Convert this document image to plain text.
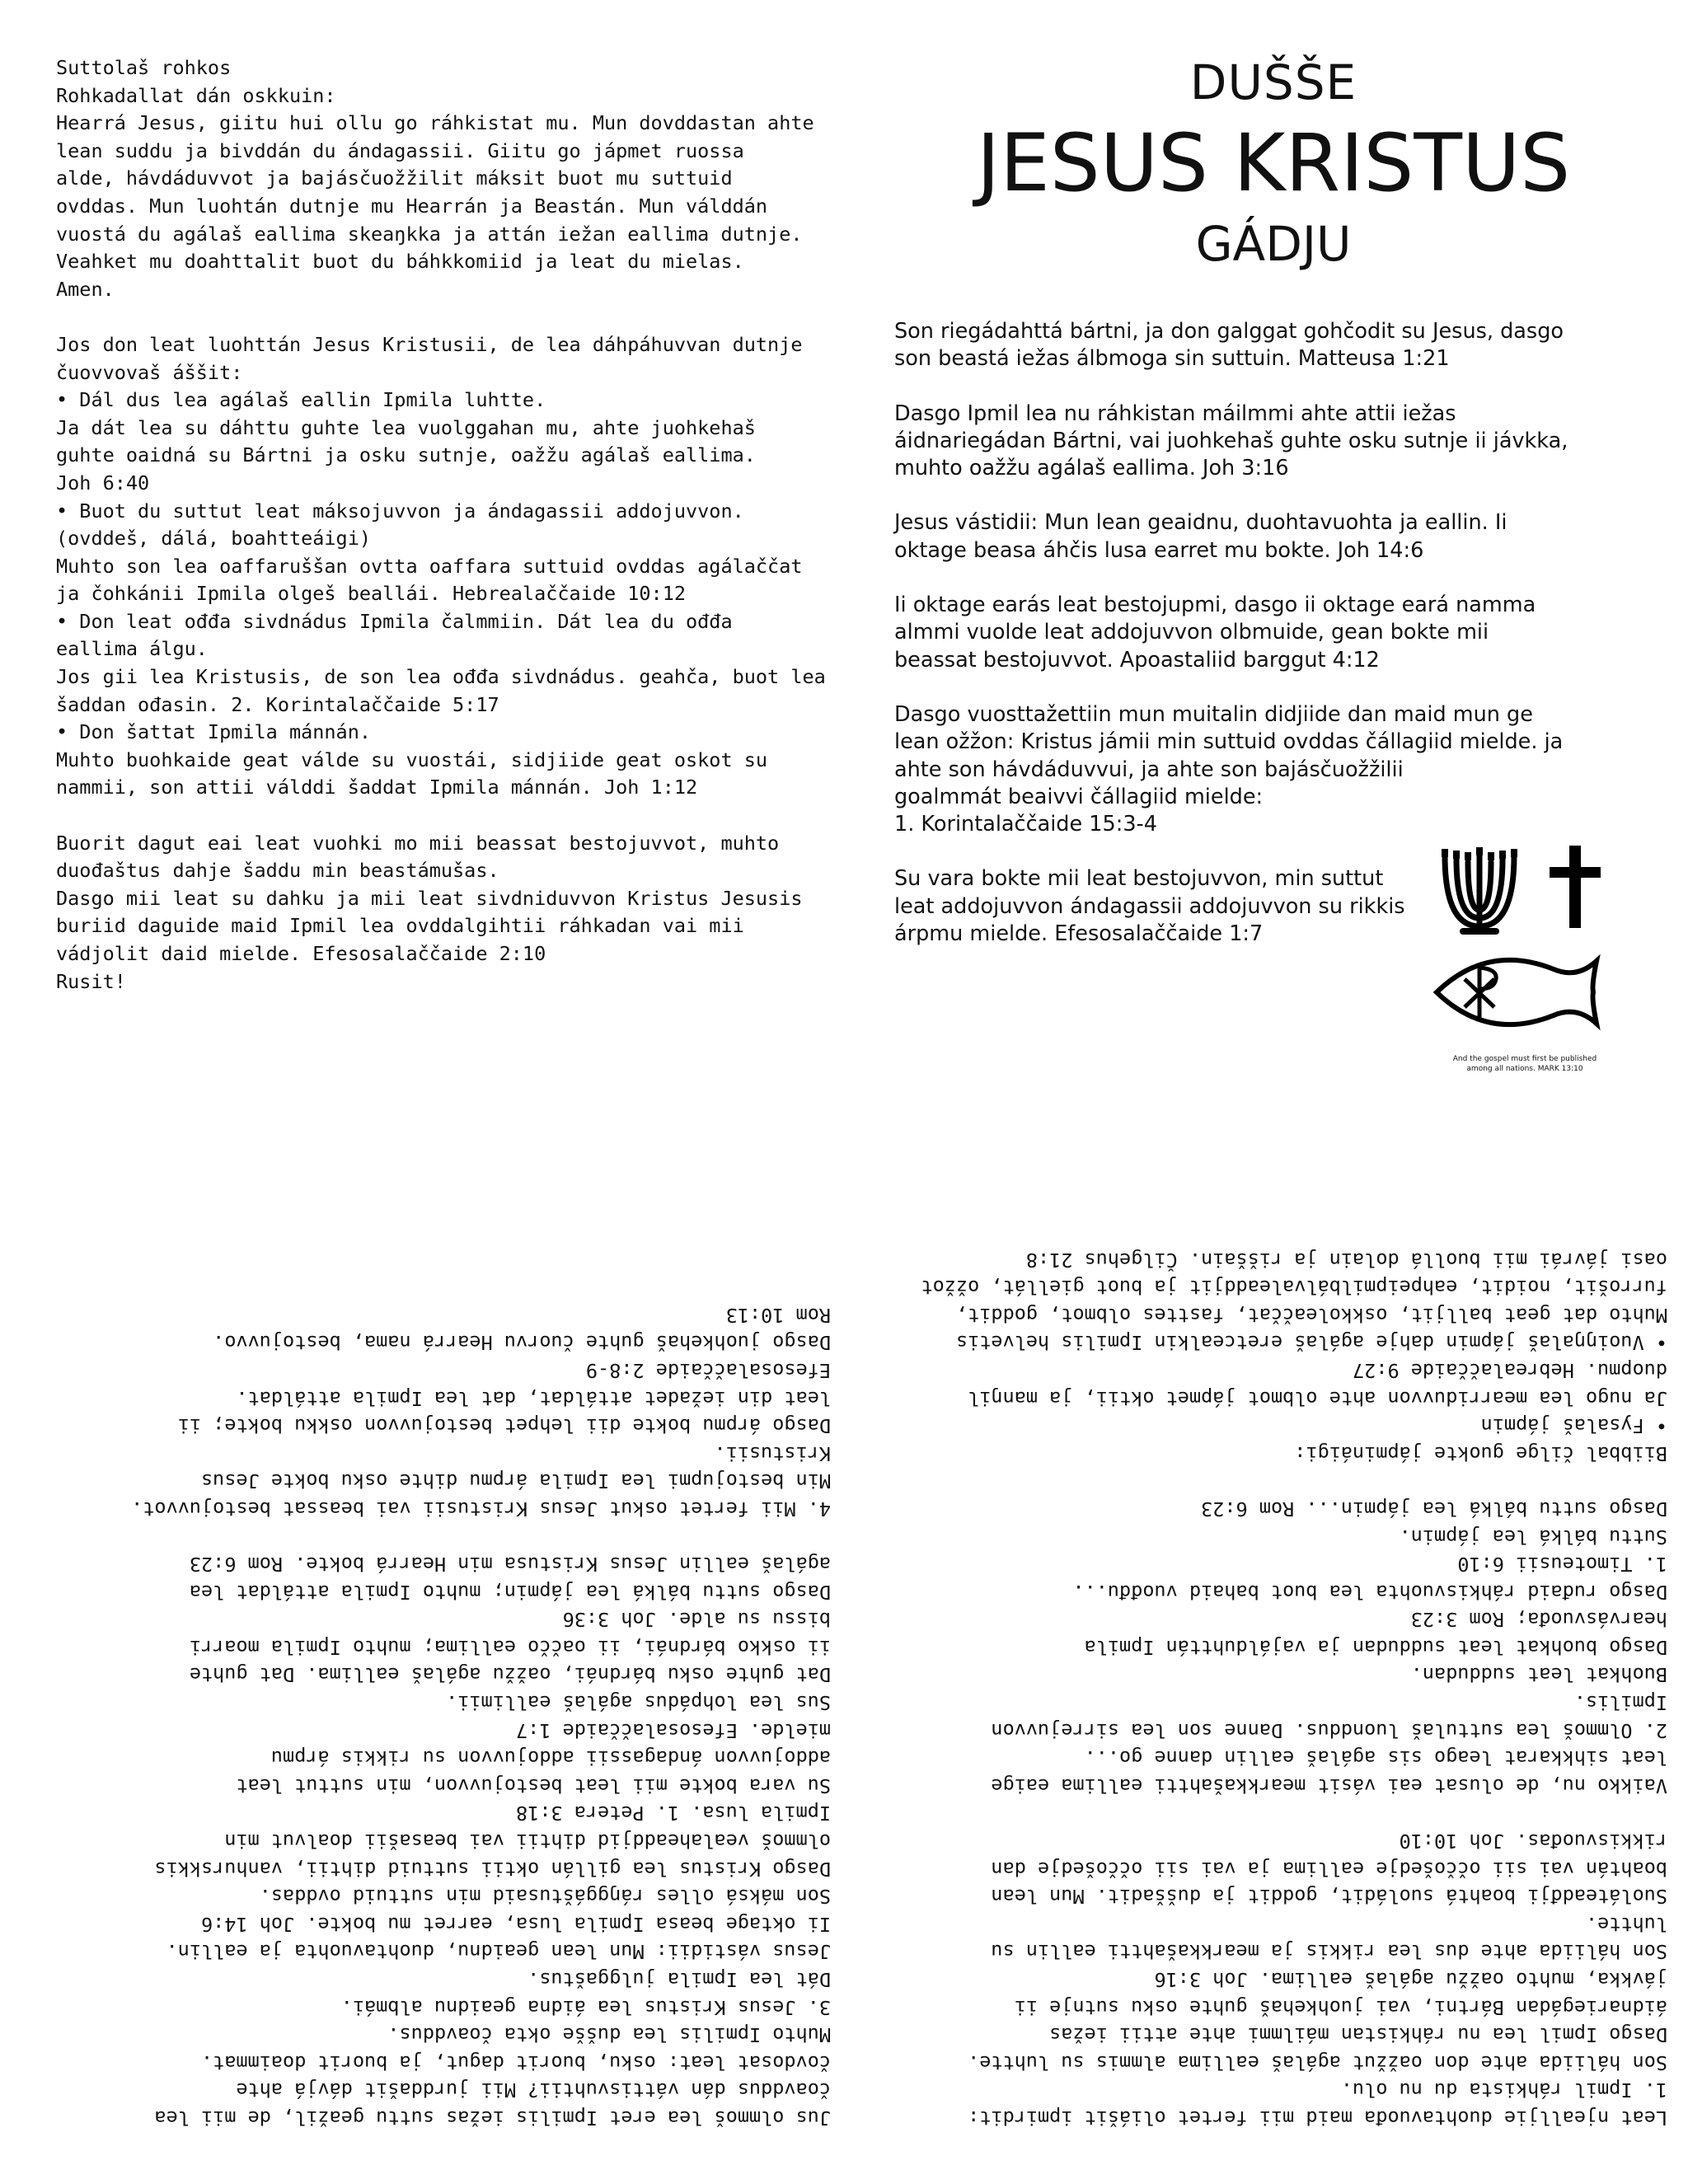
Suttolaš rohkos
Rohkadallat dán oskkuin:
Hearrá Jesus, giitu hui ollu go ráhkistat mu. Mun dovddastan ahte
lean suddu ja bivddán du ándagassii. Giitu go jápmet ruossa
alde, hávdáduvvot ja bajásčuožžilit máksit buot mu suttuid
ovddas. Mun luohtán dutnje mu Hearrán ja Beastán. Mun válddán
vuostá du agálaš eallima skeaŋkka ja attán iežan eallima dutnje.
Veahket mu doahttalit buot du báhkkomiid ja leat du mielas.
Amen.
Jos don leat luohttán Jesus Kristusii, de lea dáhpáhuvvan dutnje
čuovvovaš áššit:
• Dál dus lea agálaš eallin Ipmila luhtte.
Ja dát lea su dáhttu guhte lea vuolggahan mu, ahte juohkehaš
guhte oaidná su Bártni ja osku sutnje, oažžu agálaš eallima.
Joh 6:40
• Buot du suttut leat máksojuvvon ja ándagassii addojuvvon.
(ovddeš, dálá, boahtteáigi)
Muhto son lea oaffaruššan ovtta oaffara suttuid ovddas agálaččat
ja čohkánii Ipmila olgeš beallái. Hebrealaččaide 10:12
• Don leat ođđa sivdnádus Ipmila čalmmiin. Dát lea du ođđa
eallima álgu.
Jos gii lea Kristusis, de son lea ođđa sivdnádus. geahča, buot lea
šaddan ođasin. 2. Korintalaččaide 5:17
• Don šattat Ipmila mánnán.
Muhto buohkaide geat válde su vuostái, sidjiide geat oskot su
nammii, son attii válddi šaddat Ipmila mánnán. Joh 1:12
Buorit dagut eai leat vuohki mo mii beassat bestojuvvot, muhto
duođaštus dahje šaddu min beastámušas.
Dasgo mii leat su dahku ja mii leat sivdniduvvon Kristus Jesusis
buriid daguide maid Ipmil lea ovddalgihtii ráhkadan vai mii
vádjolit daid mielde. Efesosalaččaide 2:10
Rusit!
DUŠŠE
JESUS KRISTUS
GÁDJU
Son riegádahttá bártni, ja don galggat gohčodit su Jesus, dasgo
son beastá iežas álbmoga sin suttuin. Matteusa 1:21
Dasgo Ipmil lea nu ráhkistan máilmmi ahte attii iežas
áidnariegádan Bártni, vai juohkehaš guhte osku sutnje ii jávkka,
muhto oažžu agálaš eallima. Joh 3:16
Jesus vástidii: Mun lean geaidnu, duohtavuohta ja eallin. Ii
oktage beasa áhčis lusa earret mu bokte. Joh 14:6
Ii oktage earás leat bestojupmi, dasgo ii oktage eará namma
almmi vuolde leat addojuvvon olbmuide, gean bokte mii
beassat bestojuvvot. Apoastaliid barggut 4:12
Dasgo vuosttažettiin mun muitalin didjiide dan maid mun ge
lean ožžon: Kristus jámii min suttuid ovddas čállagiid mielde. ja
ahte son hávdáduvvui, ja ahte son bajásčuožžilii
goalmmát beaivvi čállagiid mielde:
1. Korintalaččaide 15:3-4
Su vara bokte mii leat bestojuvvon, min suttut
leat addojuvvon ándagassii addojuvvon su rikkis
árpmu mielde. Efesosalaččaide 1:7
And the gospel must first be published
among all nations. MARK 13:10
Leat njealljie duohtavuođa maid mii fertet oliášit ipmirdit:
1. Ipmil ráhkista du nu olu.
Son háliida ahte don oažžut agálaš eallima almmis su luhtte.
Dasgo Ipmil lea nu ráhkistan máilmmi ahte attii iežas
áidnariegádan Bártni, vai juohkehaš guhte osku sutnje ii
jávkka, muhto oažžu agálaš eallima. Joh 3:16
Son háliida ahte dus lea rikkis ja mearkkašahtti eallin su
luhtte.
Suoláteadđji boahtá suoládit, goddit ja duššadit. Mun lean
boahtán vai sii oččošedje eallima ja vai sii oččošedje dan
rikkisvuođas. Joh 10:10
Vaikko nu, de olusat eai vásit mearkkašahtti eallima eaige
leat sihkkarat leago sis agálaš eallin danne go...
2. Olmmoš lea suttulaš luonddus. Danne son lea sirrejuvvon
Ipmilis.
Buohkat leat suddudan.
Dasgo buohkat leat suddudan ja vajálduhttán Ipmila
hearvásvuođa; Rom 3:23
Dasgo ruđaid ráhkisvuohta lea buot bahaid vuođđu...
1. Timoteusii 6:10
Suttu bálká lea jápmin.
Dasgo suttu bálká lea jápmin... Rom 6:23
Biibbal čilge guokte jápmináigi:
• Fysalaš jápmin
Ja nugo lea mearriduvvon ahte olbmot jápmet oktii, ja manŋil
duopmu. Hebrealaččaide 9:27
• Vuoiŋŋalaš jápmin dahje agálaš eretcealkin Ipmilis helvetis
Muhto dat geat balljit, oskkoleaččat, fasttes olbmot, goddit,
furrošit, noidit, eahpeipmilbálvaleaddjit ja buot giellát, ožžot
oasi jávrái mii buollá dolain ja riššain. Čilgehus 21:8
Jus olmmoš lea eret Ipmilis iežas suttu geažil, de mii lea
čoavddus dán váttisvuhtii? Mii jurddašit dávjá ahte
čovdosat leat: osku, buorit dagut, ja buorit doaimmat.
Muhto Ipmilis lea dušše okta čoavddus.
3. Jesus Kristus lea áidna geaidnu albmái.
Dát lea Ipmila julggaštus.
Jesus vástidii: Mun lean geaidnu, duohtavuohta ja eallin.
Ii oktage beasa Ipmila lusa, earret mu bokte. Joh 14:6
Son máksá olles ráŋggáštusaid min suttuid ovddas.
Dasgo Kristus lea gillán oktii suttuid dihtii, vanhurskkis
olmmoš vealaheaddjid dihtii vai beasašii doalvut min
Ipmila lusa. 1. Petera 3:18
Su vara bokte mii leat bestojuvvon, min suttut leat
addojuvvon ándagassii addojuvvon su rikkis árpmu
mielde. Efesosalaččaide 1:7
Sus lea lohpádus agálaš eallimii.
Dat guhte osku bárdnái, oažžu agálaš eallima. Dat guhte
ii oskko bárdnái, ii oaččo eallima; muhto Ipmila moarri
bissu su alde. Joh 3:36
Dasgo suttu bálká lea jápmin; muhto Ipmila attáldat lea
agálaš eallin Jesus Kristusa min Hearrá bokte. Rom 6:23
4. Mii fertet oskut Jesus Kristusii vai beassat bestojuvvot.
Min bestojupmi lea Ipmila árpmu dihte osku bokte Jesus
Kristusii.
Dasgo árpmu bokte dii lehpet bestojuvvon oskku bokte; ii
leat din iežadet attáldat, dat lea Ipmila attáldat.
Efesosalaččaide 2:8-9
Dasgo juohkehaš guhte čuorvu Hearrá nama, bestojuvvo.
Rom 10:13
